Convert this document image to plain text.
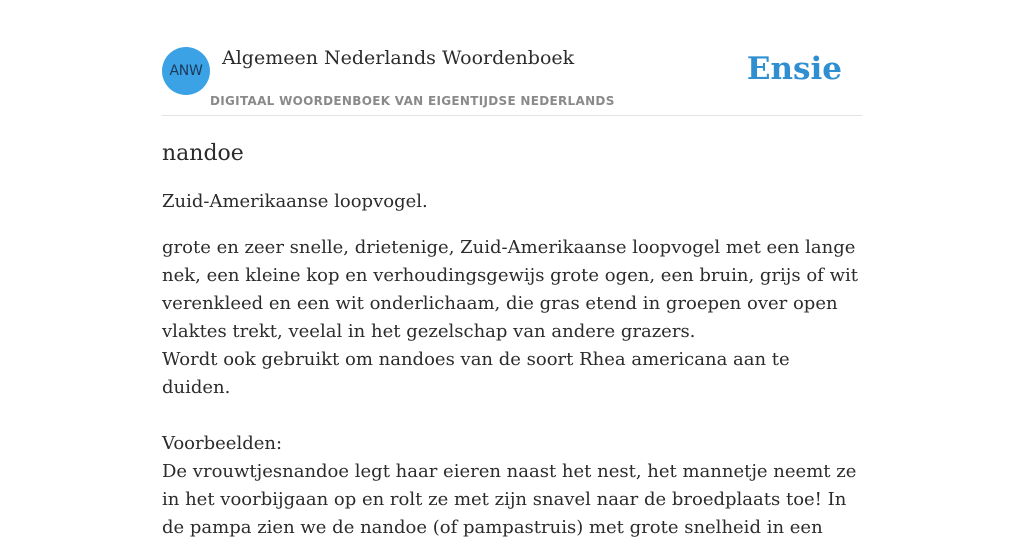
ANW
Algemeen Nederlands Woordenboek
DIGITAAL WOORDENBOEK VAN EIGENTIJDSE NEDERLANDS
Ensie
nandoe
Zuid-Amerikaanse loopvogel.

grote en zeer snelle, drietenige, Zuid-Amerikaanse loopvogel met een lange nek, een kleine kop en verhoudingsgewijs grote ogen, een bruin, grijs of wit verenkleed en een wit onderlichaam, die gras etend in groepen over open vlaktes trekt, veelal in het gezelschap van andere grazers.

Wordt ook gebruikt om nandoes van de soort Rhea americana aan te duiden.

Voorbeelden:

De vrouwtjesnandoe legt haar eieren naast het nest, het mannetje neemt ze in het voorbijgaan op en rolt ze met zijn snavel naar de broedplaats toe! In de pampa zien we de nandoe (of pampastruis) met grote snelheid in een
